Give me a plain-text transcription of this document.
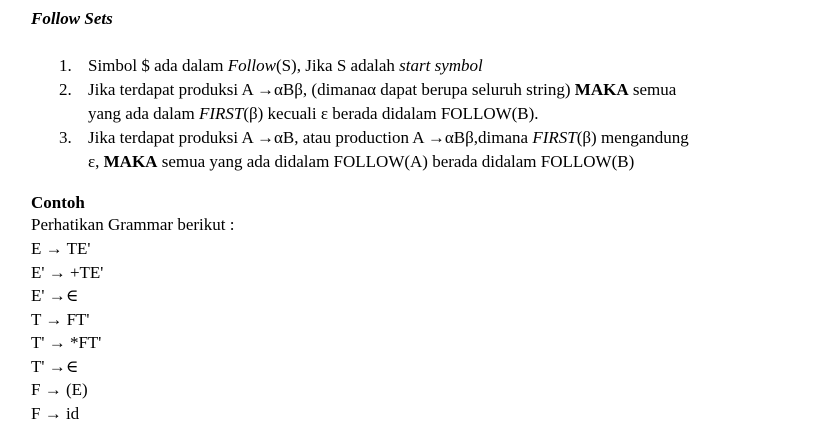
Follow Sets
1. Simbol $ ada dalam Follow(S), Jika S adalah start symbol
2. Jika terdapat produksi A →αBβ, (dimanaα dapat berupa seluruh string) MAKA semua
yang ada dalam FIRST(β) kecuali ε berada didalam FOLLOW(B).
3. Jika terdapat produksi A →αB, atau production A →αBβ,dimana FIRST(β) mengandung
ε, MAKA semua yang ada didalam FOLLOW(A) berada didalam FOLLOW(B)
Contoh
Perhatikan Grammar berikut :
E → TE'
E' → +TE'
E' →∈
T → FT'
T' → *FT'
T' →∈
F → (E)
F → id
